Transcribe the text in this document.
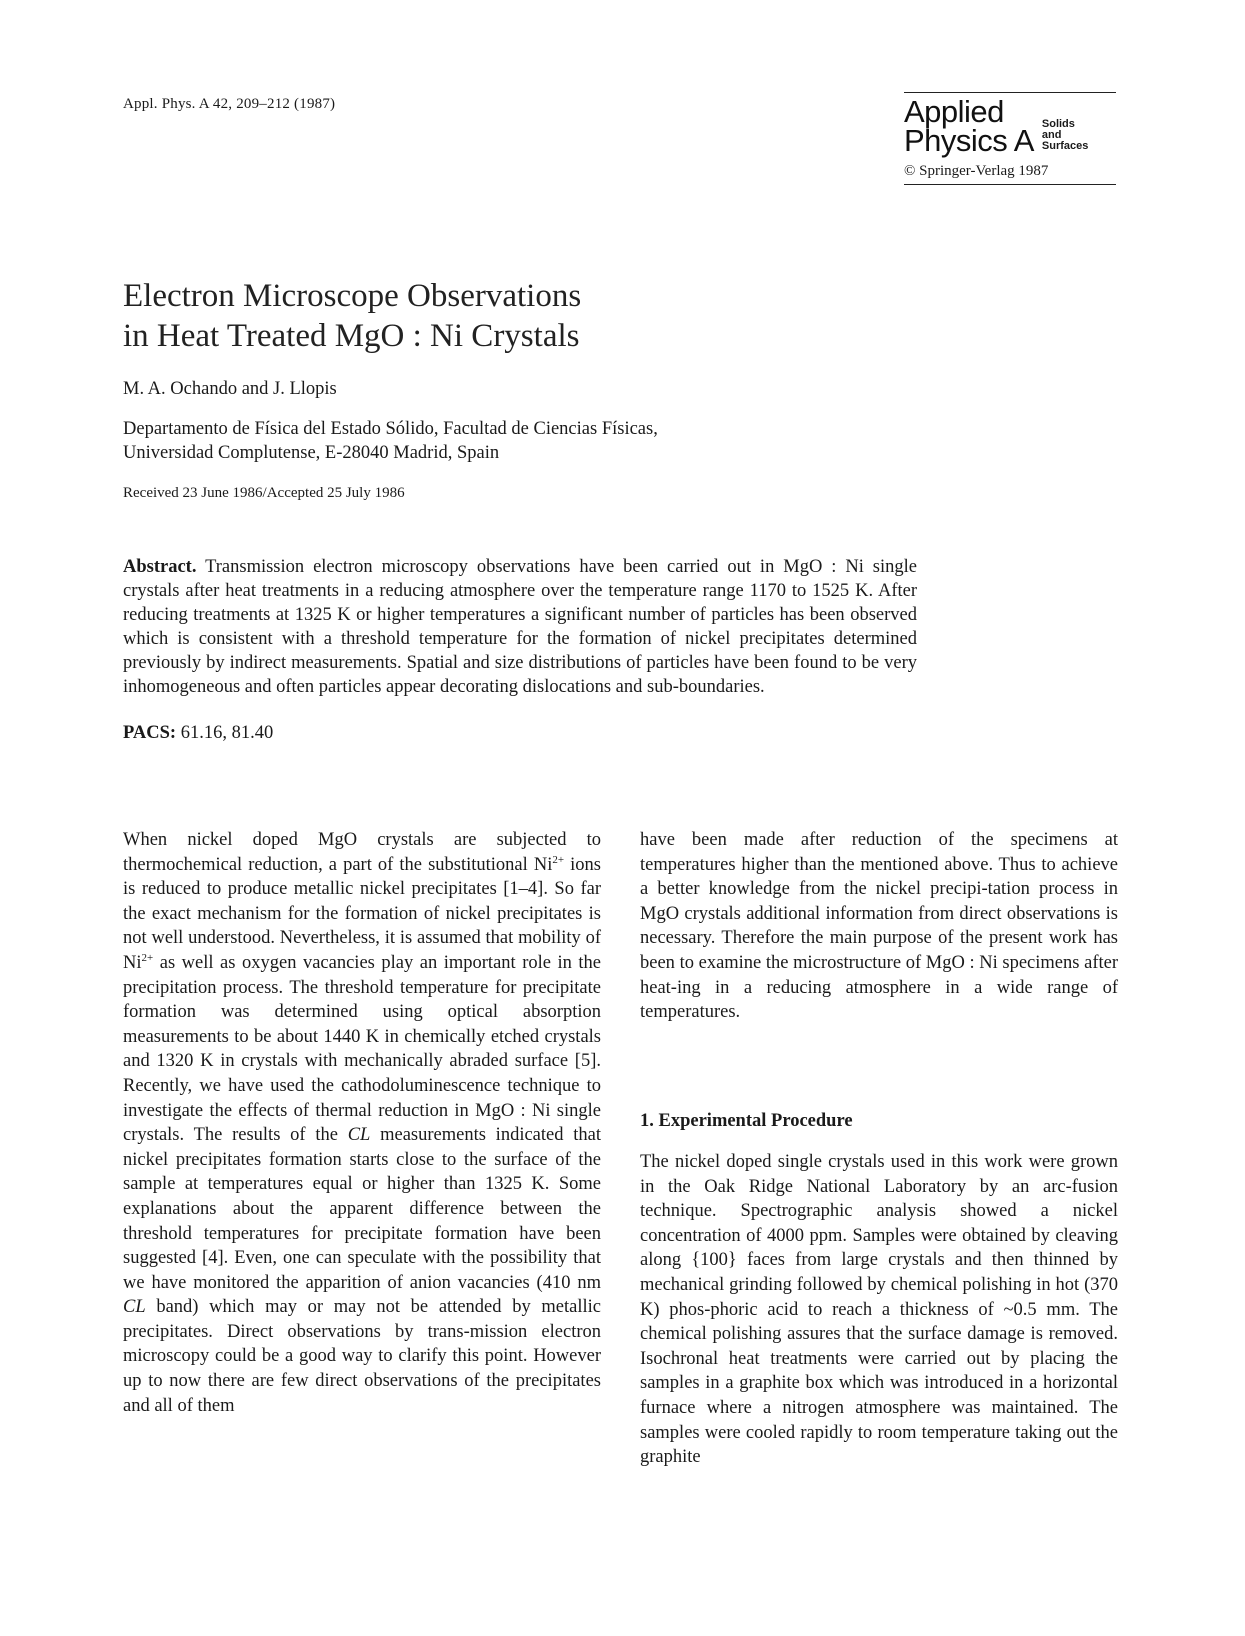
Appl. Phys. A 42, 209–212 (1987)	Applied
Physics A Solids
and
Surfaces
© Springer-Verlag 1987
Electron Microscope Observations
in Heat Treated MgO : Ni Crystals
M. A. Ochando and J. Llopis
Departamento de Física del Estado Sólido, Facultad de Ciencias Físicas,
Universidad Complutense, E-28040 Madrid, Spain
Received 23 June 1986/Accepted 25 July 1986
Abstract. Transmission electron microscopy observations have been carried out in MgO : Ni single crystals after heat treatments in a reducing atmosphere over the temperature range 1170 to 1525 K. After reducing treatments at 1325 K or higher temperatures a significant number of particles has been observed which is consistent with a threshold temperature for the formation of nickel precipitates determined previously by indirect measurements. Spatial and size distributions of particles have been found to be very inhomogeneous and often particles appear decorating dislocations and sub-boundaries.
PACS: 61.16, 81.40
When nickel doped MgO crystals are subjected to thermochemical reduction, a part of the substitutional $Ni^{2+}$ ions is reduced to produce metallic nickel precipitates [1–4]. So far the exact mechanism for the formation of nickel precipitates is not well understood. Nevertheless, it is assumed that mobility of $Ni^{2+}$ as well as oxygen vacancies play an important role in the precipitation process. The threshold temperature for precipitate formation was determined using optical absorption measurements to be about 1440 K in chemically etched crystals and 1320 K in crystals with mechanically abraded surface [5]. Recently, we have used the cathodoluminescence technique to investigate the effects of thermal reduction in MgO : Ni single crystals. The results of the CL measurements indicated that nickel precipitates formation starts close to the surface of the sample at temperatures equal or higher than 1325 K. Some explanations about the apparent difference between the threshold temperatures for precipitate formation have been suggested [4]. Even, one can speculate with the possibility that we have monitored the apparition of anion vacancies (410 nm CL band) which may or may not be attended by metallic precipitates. Direct observations by trans-mission electron microscopy could be a good way to clarify this point. However up to now there are few direct observations of the precipitates and all of them
have been made after reduction of the specimens at temperatures higher than the mentioned above. Thus to achieve a better knowledge from the nickel precipi-tation process in MgO crystals additional information from direct observations is necessary. Therefore the main purpose of the present work has been to examine the microstructure of MgO : Ni specimens after heat-ing in a reducing atmosphere in a wide range of temperatures.
1. Experimental Procedure
The nickel doped single crystals used in this work were grown in the Oak Ridge National Laboratory by an arc-fusion technique. Spectrographic analysis showed a nickel concentration of 4000 ppm. Samples were obtained by cleaving along {100} faces from large crystals and then thinned by mechanical grinding followed by chemical polishing in hot (370 K) phos-phoric acid to reach a thickness of ~0.5 mm. The chemical polishing assures that the surface damage is removed. Isochronal heat treatments were carried out by placing the samples in a graphite box which was introduced in a horizontal furnace where a nitrogen atmosphere was maintained. The samples were cooled rapidly to room temperature taking out the graphite
